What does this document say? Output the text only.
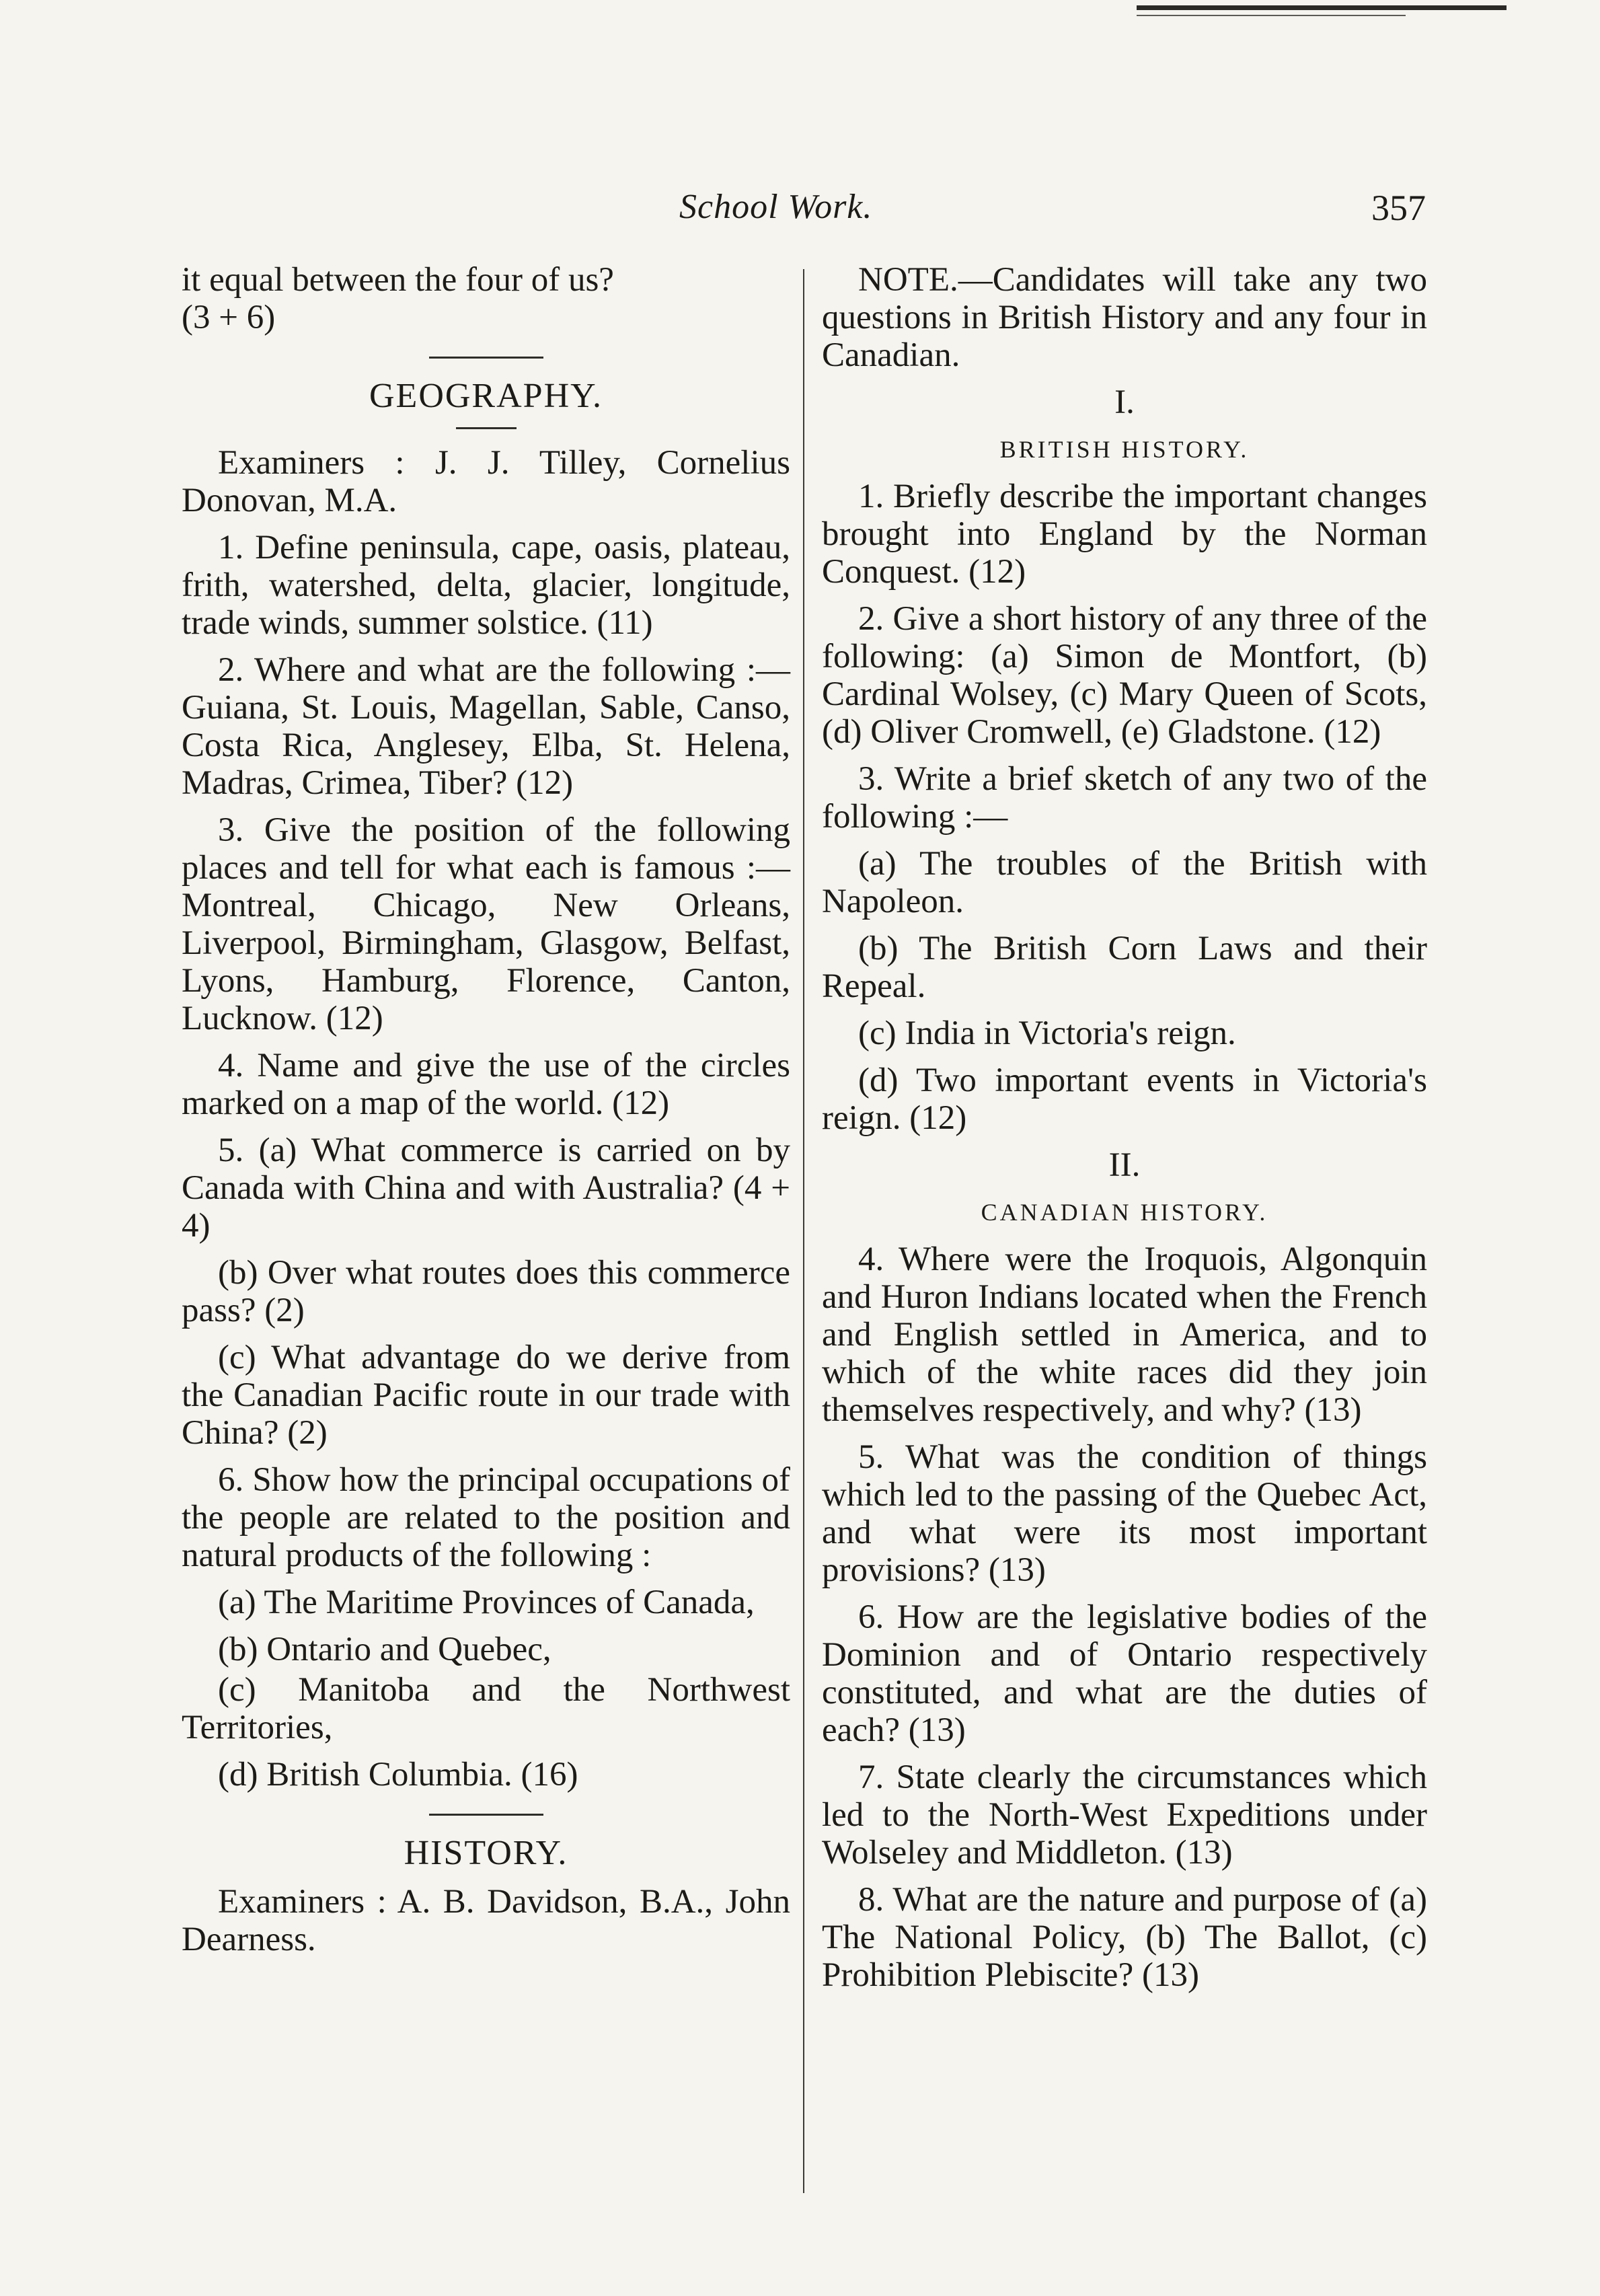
School Work.	357

it equal between the four of us?

(3 + 6)

GEOGRAPHY.

Examiners : J. J. Tilley, Cornelius Donovan, M.A.

1. Define peninsula, cape, oasis, plateau, frith, watershed, delta, glacier, longitude, trade winds, summer solstice. (11)

2. Where and what are the following :—Guiana, St. Louis, Magellan, Sable, Canso, Costa Rica, Anglesey, Elba, St. Helena, Madras, Crimea, Tiber? (12)

3. Give the position of the following places and tell for what each is famous :—Montreal, Chicago, New Orleans, Liverpool, Birmingham, Glasgow, Belfast, Lyons, Hamburg, Florence, Canton, Lucknow. (12)

4. Name and give the use of the circles marked on a map of the world. (12)

5. (a) What commerce is carried on by Canada with China and with Australia? (4 + 4)

(b) Over what routes does this commerce pass? (2)

(c) What advantage do we derive from the Canadian Pacific route in our trade with China? (2)

6. Show how the principal occupations of the people are related to the position and natural products of the following :

(a) The Maritime Provinces of Canada,

(b) Ontario and Quebec,

(c) Manitoba and the Northwest Territories,

(d) British Columbia. (16)

HISTORY.

Examiners : A. B. Davidson, B.A., John Dearness.

NOTE.—Candidates will take any two questions in British History and any four in Canadian.

I.
BRITISH HISTORY.

1. Briefly describe the important changes brought into England by the Norman Conquest. (12)

2. Give a short history of any three of the following: (a) Simon de Montfort, (b) Cardinal Wolsey, (c) Mary Queen of Scots, (d) Oliver Cromwell, (e) Gladstone. (12)

3. Write a brief sketch of any two of the following :—

(a) The troubles of the British with Napoleon.

(b) The British Corn Laws and their Repeal.

(c) India in Victoria's reign.

(d) Two important events in Victoria's reign. (12)

II.
CANADIAN HISTORY.

4. Where were the Iroquois, Algonquin and Huron Indians located when the French and English settled in America, and to which of the white races did they join themselves respectively, and why? (13)

5. What was the condition of things which led to the passing of the Quebec Act, and what were its most important provisions? (13)

6. How are the legislative bodies of the Dominion and of Ontario respectively constituted, and what are the duties of each? (13)

7. State clearly the circumstances which led to the North-West Expeditions under Wolseley and Middleton. (13)

8. What are the nature and purpose of (a) The National Policy, (b) The Ballot, (c) Prohibition Plebiscite? (13)
